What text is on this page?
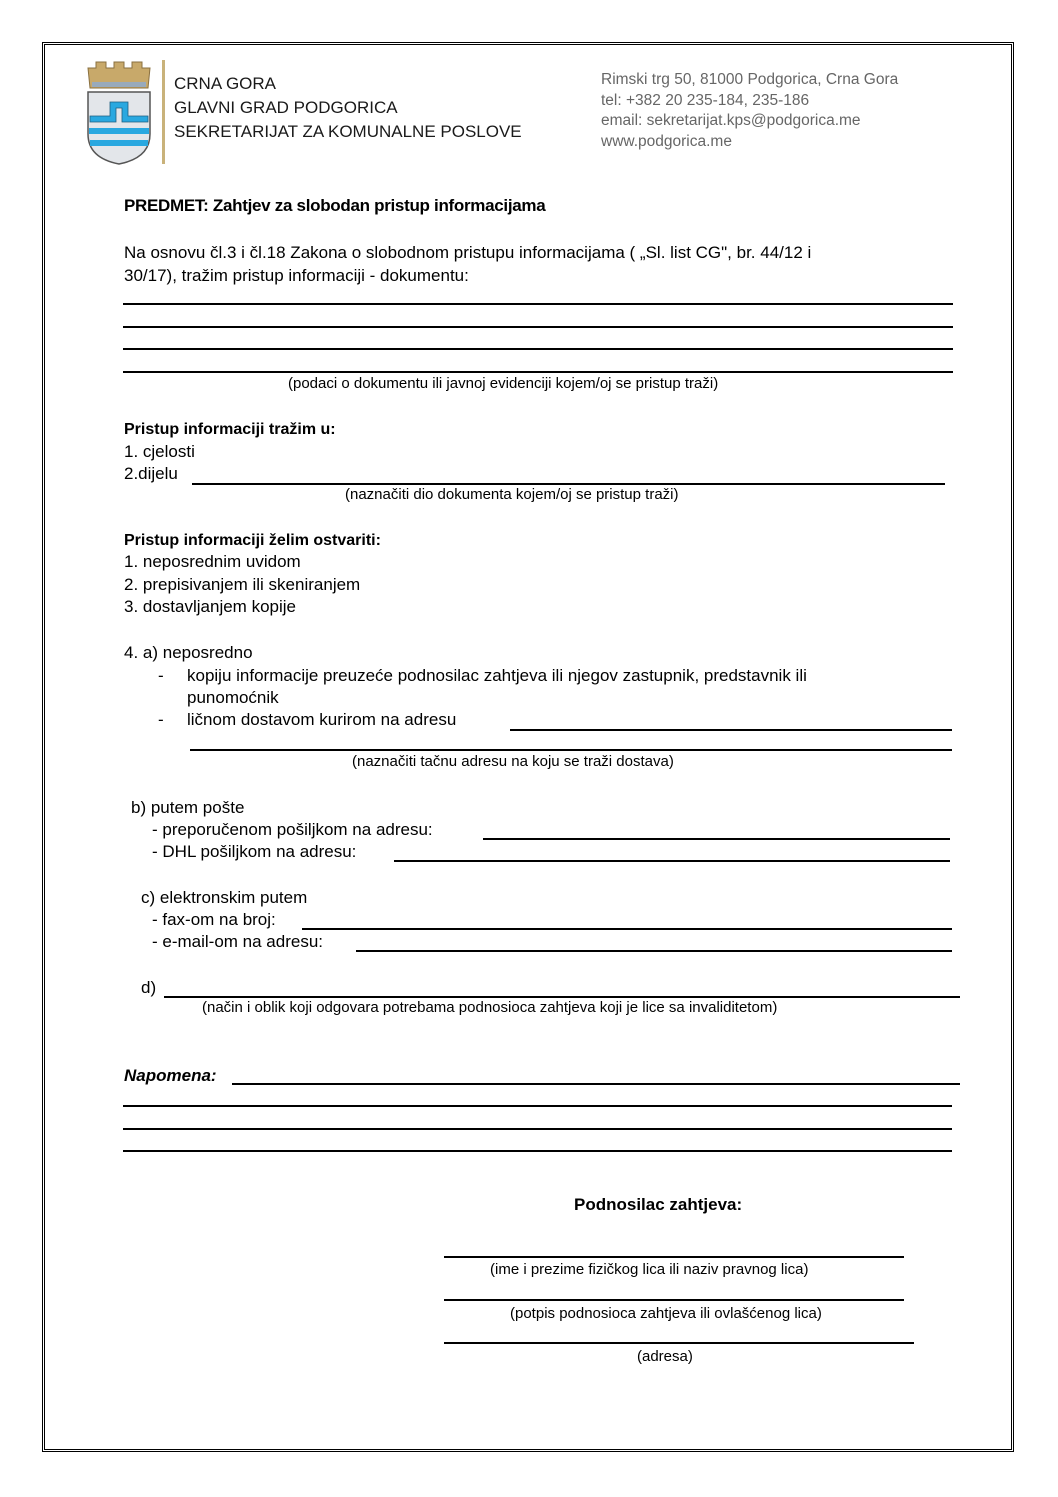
CRNA GORA
GLAVNI GRAD PODGORICA
SEKRETARIJAT ZA KOMUNALNE POSLOVE
Rimski trg 50, 81000 Podgorica, Crna Gora
tel: +382 20 235-184, 235-186
email: sekretarijat.kps@podgorica.me
www.podgorica.me
PREDMET: Zahtjev za slobodan pristup informacijama
Na osnovu čl.3 i čl.18 Zakona o slobodnom pristupu informacijama ( „Sl. list CG", br. 44/12 i
30/17), tražim pristup informaciji - dokumentu:
(podaci o dokumentu ili javnoj evidenciji kojem/oj se pristup traži)
Pristup informaciji tražim u:
1. cjelosti
2.dijelu
(naznačiti dio dokumenta kojem/oj se pristup traži)
Pristup informaciji želim ostvariti:
1. neposrednim uvidom
2. prepisivanjem ili skeniranjem
3. dostavljanjem kopije
4. a) neposredno
- kopiju informacije preuzeće podnosilac zahtjeva ili njegov zastupnik, predstavnik ili
punomoćnik
- ličnom dostavom kurirom na adresu
(naznačiti tačnu adresu na koju se traži dostava)
b) putem pošte
- preporučenom pošiljkom na adresu:
- DHL pošiljkom na adresu:
c) elektronskim putem
- fax-om na broj:
- e-mail-om na adresu:
d)
(način i oblik koji odgovara potrebama podnosioca zahtjeva koji je lice sa invaliditetom)
Napomena:
Podnosilac zahtjeva:
(ime i prezime fizičkog lica ili naziv pravnog lica)
(potpis podnosioca zahtjeva ili ovlašćenog lica)
(adresa)
